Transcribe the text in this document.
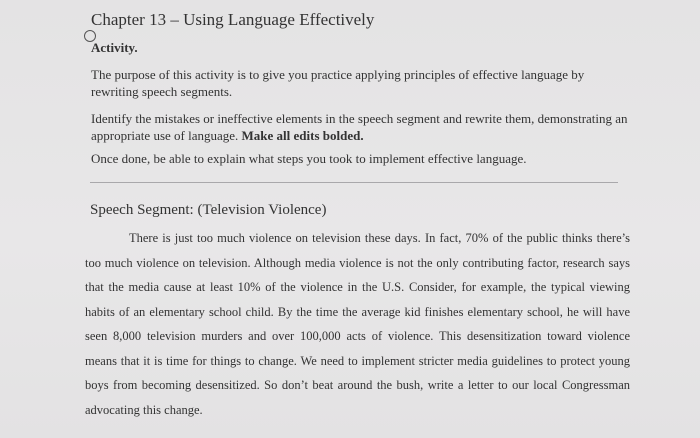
Chapter 13 – Using Language Effectively
Activity.
The purpose of this activity is to give you practice applying principles of effective language by rewriting speech segments.
Identify the mistakes or ineffective elements in the speech segment and rewrite them, demonstrating an appropriate use of language. Make all edits bolded.
Once done, be able to explain what steps you took to implement effective language.
Speech Segment: (Television Violence)
There is just too much violence on television these days. In fact, 70% of the public thinks there’s too much violence on television. Although media violence is not the only contributing factor, research says that the media cause at least 10% of the violence in the U.S. Consider, for example, the typical viewing habits of an elementary school child. By the time the average kid finishes elementary school, he will have seen 8,000 television murders and over 100,000 acts of violence. This desensitization toward violence means that it is time for things to change. We need to implement stricter media guidelines to protect young boys from becoming desensitized. So don’t beat around the bush, write a letter to our local Congressman advocating this change.
